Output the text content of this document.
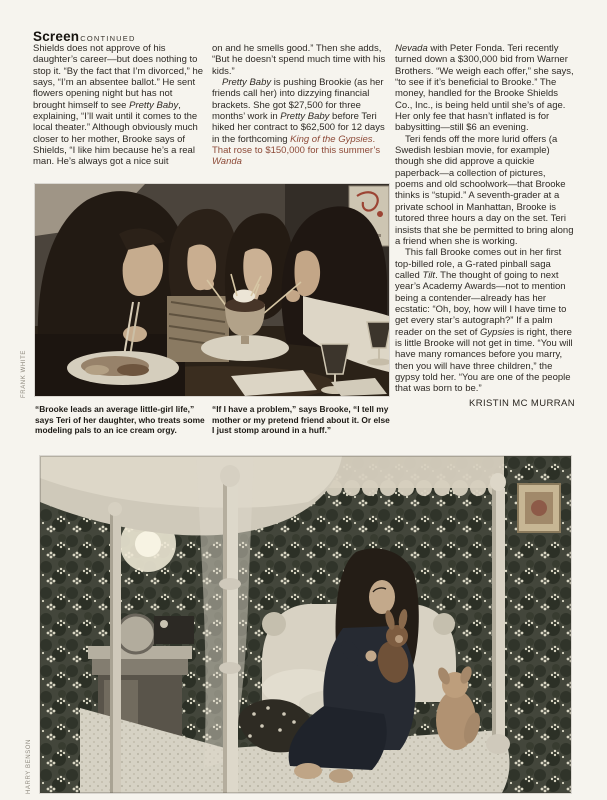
ScreenCONTINUED

Shields does not approve of his daughter’s career—but does nothing to stop it. “By the fact that I’m divorced,” he says, “I’m an absentee ballot.” He sent flowers opening night but has not brought himself to see Pretty Baby, explaining, “I’ll wait until it comes to the local theater.” Although obviously much closer to her mother, Brooke says of Shields, “I like him because he’s a real man. He’s always got a nice suit

on and he smells good.” Then she adds, “But he doesn’t spend much time with his kids.”

Pretty Baby is pushing Brookie (as her friends call her) into dizzying financial brackets. She got $27,500 for three months’ work in Pretty Baby before Teri hiked her contract to $62,500 for 12 days in the forthcoming King of the Gypsies. That rose to $150,000 for this summer’s Wanda

Nevada with Peter Fonda. Teri recently turned down a $300,000 bid from Warner Brothers. “We weigh each offer,” she says, “to see if it’s beneficial to Brooke.” The money, handled for the Brooke Shields Co., Inc., is being held until she’s of age. Her only fee that hasn’t inflated is for babysitting—still $6 an evening.

Teri fends off the more lurid offers (a Swedish lesbian movie, for example) though she did approve a quickie paperback—a collection of pictures, poems and old schoolwork—that Brooke thinks is “stupid.” A seventh-grader at a private school in Manhattan, Brooke is tutored three hours a day on the set. Teri insists that she be permitted to bring along a friend when she is working.

This fall Brooke comes out in her first top-billed role, a G-rated pinball saga called Tilt. The thought of going to next year’s Academy Awards—not to mention being a contender—already has her ecstatic: “Oh, boy, how will I have time to get every star’s autograph?” If a palm reader on the set of Gypsies is right, there is little Brooke will not get in time. “You will have many romances before you marry, then you will have three children,” the gypsy told her. “You are one of the people that was born to be.”

KRISTIN MC MURRAN
FRANK WHITE
“Brooke leads an average little-girl life,” says Teri of her daughter, who treats some modeling pals to an ice cream orgy.
“If I have a problem,” says Brooke, “I tell my mother or my pretend friend about it. Or else I just stomp around in a huff.”
HARRY BENSON
